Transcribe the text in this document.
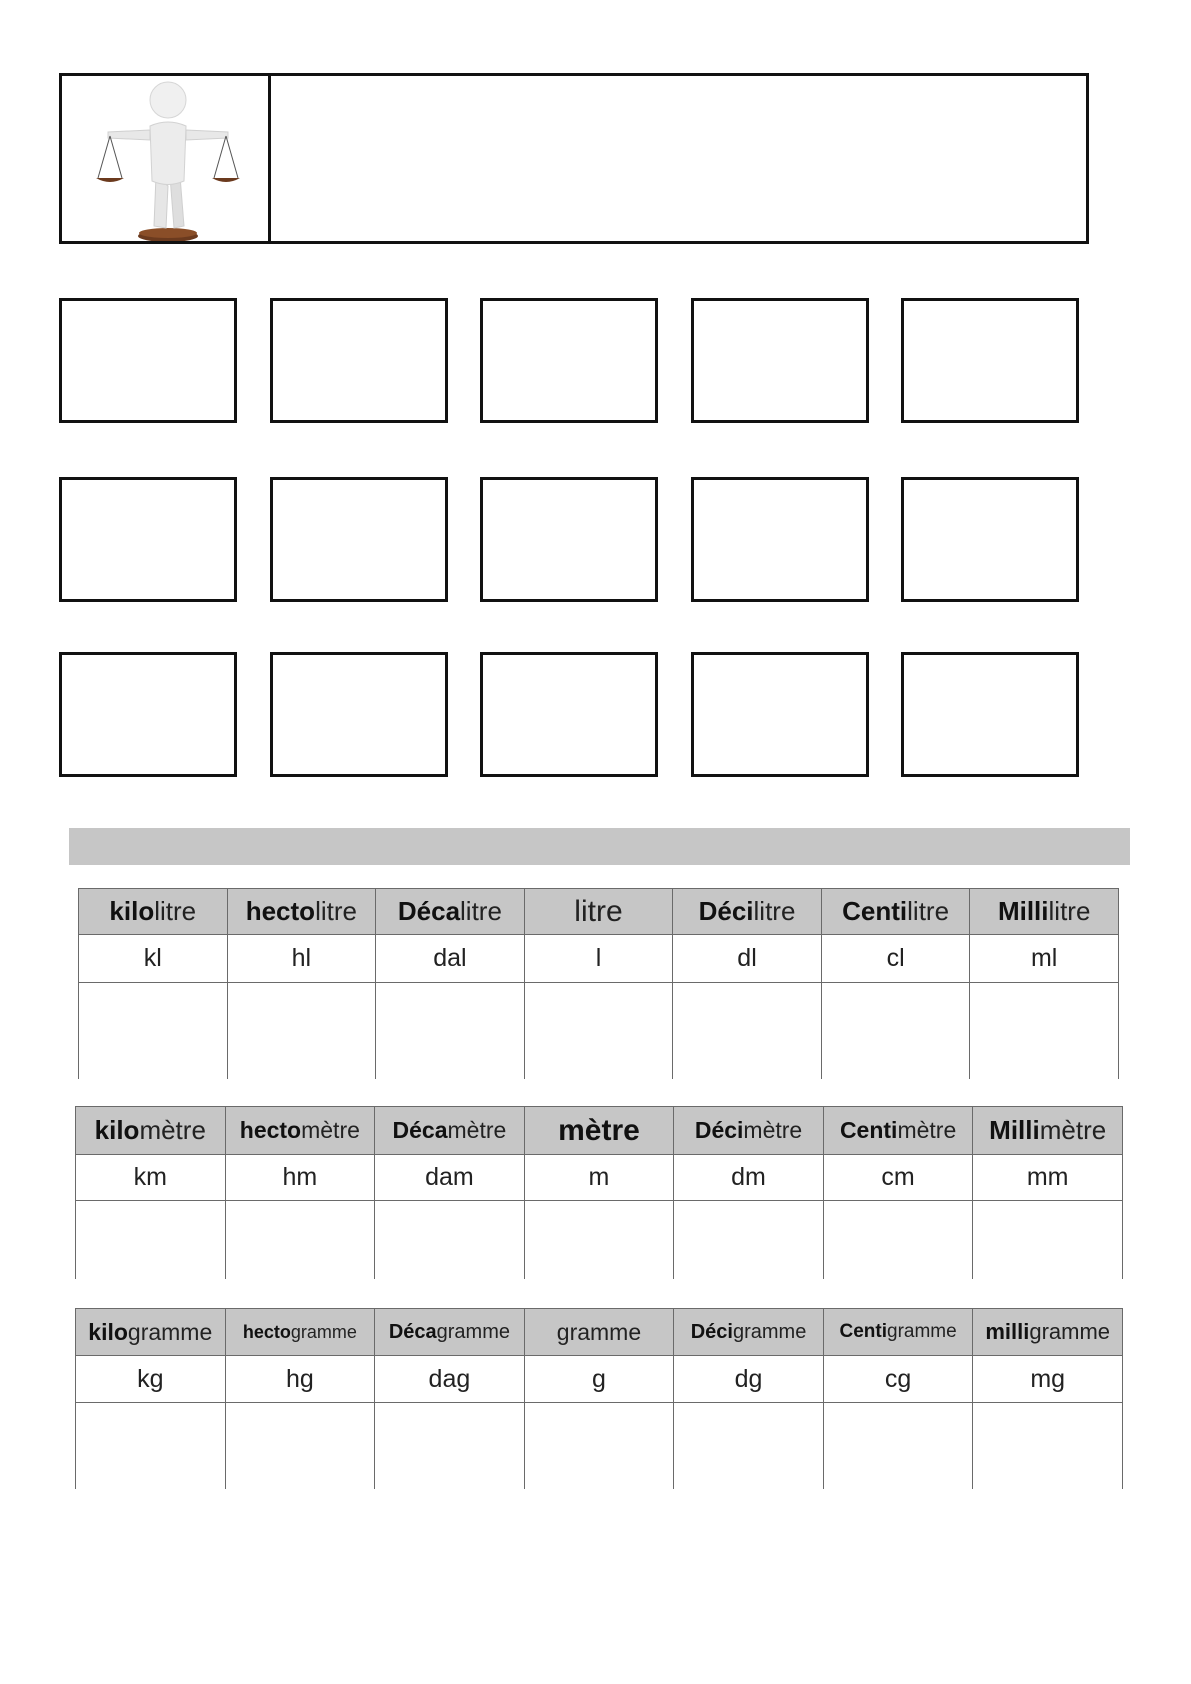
kilolitre	hectolitre	Décalitre	litre	Décilitre	Centilitre	Millilitre
kl	hl	dal	l	dl	cl	ml

kilomètre	hectomètre	Décamètre	mètre	Décimètre	Centimètre	Millimètre
km	hm	dam	m	dm	cm	mm

kilogramme	hectogramme	Décagramme	gramme	Décigramme	Centigramme	milligramme
kg	hg	dag	g	dg	cg	mg
